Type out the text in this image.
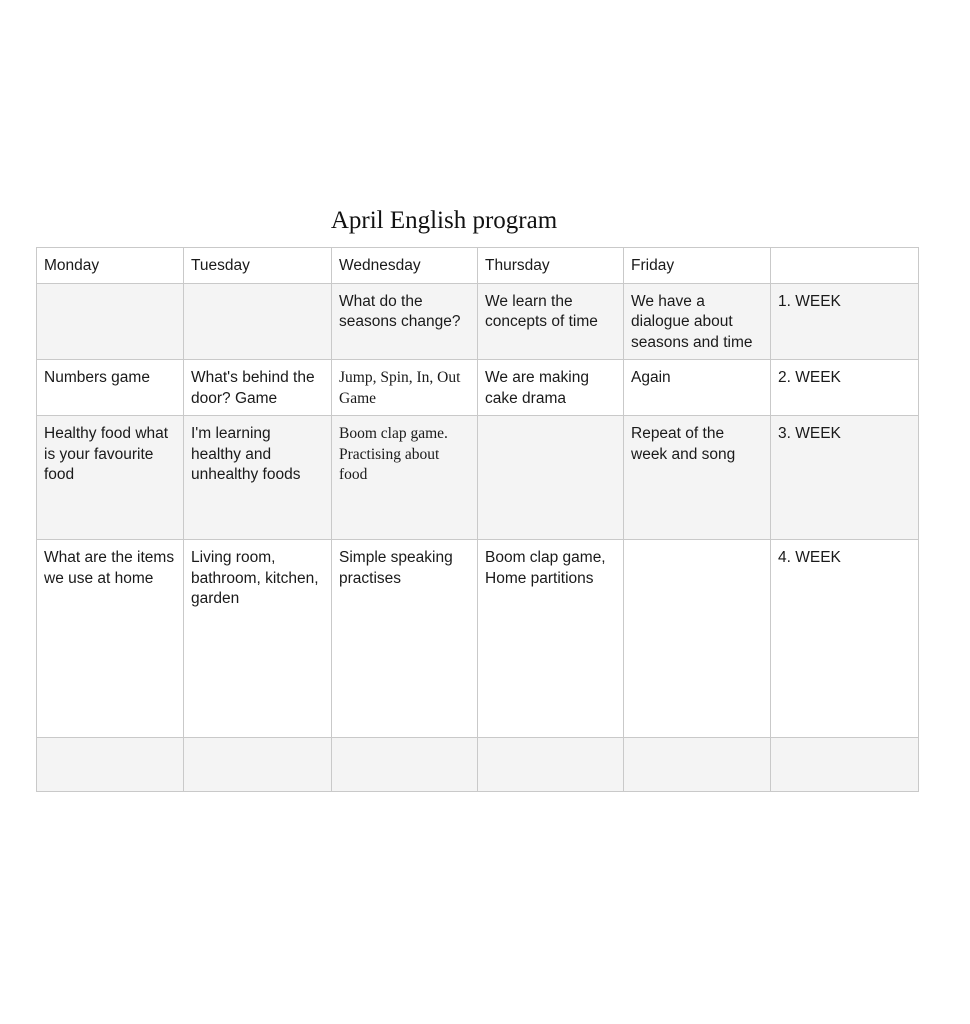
April English program
Monday	Tuesday	Wednesday	Thursday	Friday	
		What do the seasons change?	We learn the concepts of time	We have a dialogue about seasons and time	1. WEEK
Numbers game	What's behind the door? Game	Jump, Spin, In, Out Game	We are making cake drama	Again	2. WEEK
Healthy food what is your favourite food	I'm learning healthy and unhealthy foods	Boom clap game. Practising about food		Repeat of the week and song	3. WEEK
What are the items we use at home	Living room, bathroom, kitchen, garden	Simple speaking practises	Boom clap game, Home partitions		4. WEEK
